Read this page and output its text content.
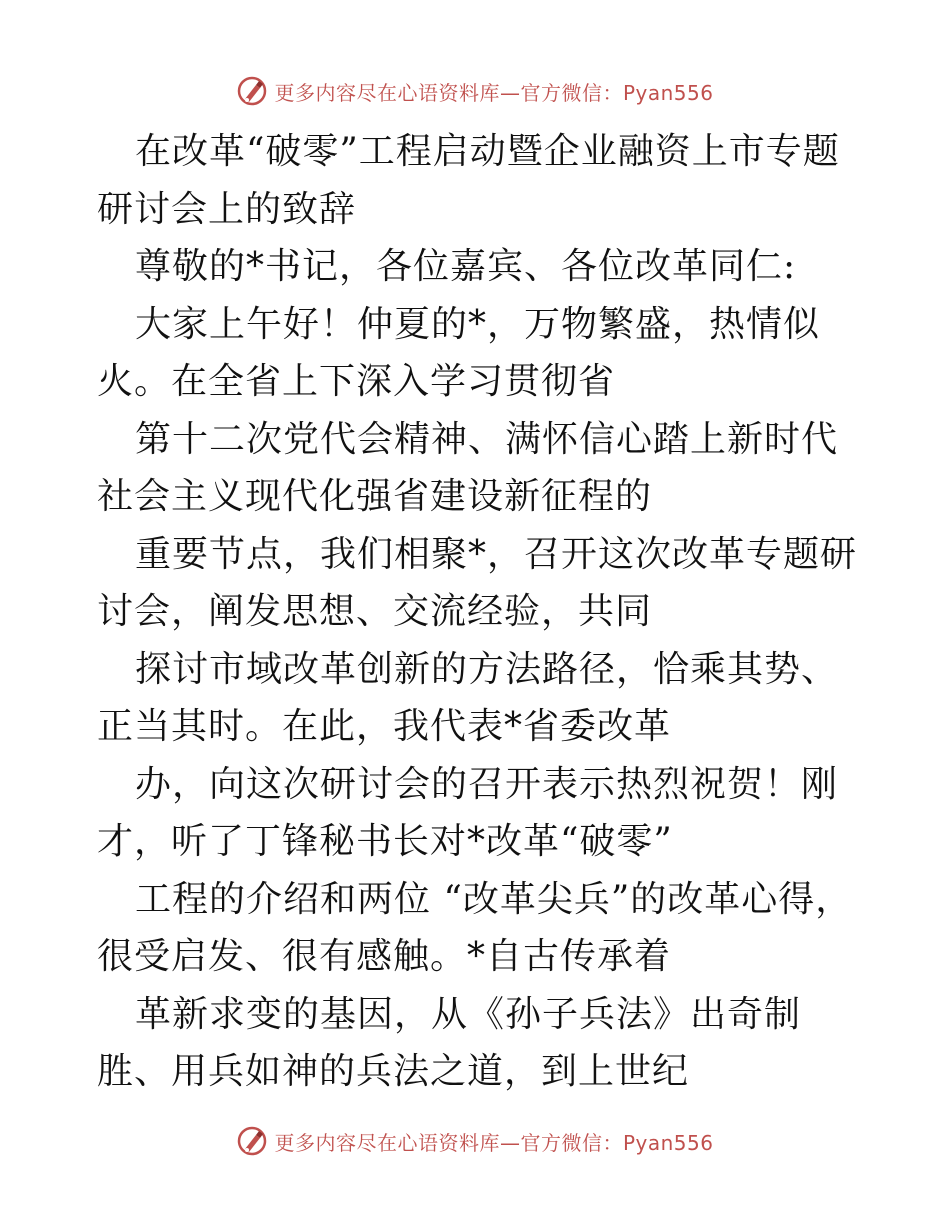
更多内容尽在心语资料库—官方微信：Pyan556

在改革“破零”工程启动暨企业融资上市专题研讨会上的致辞

尊敬的*书记，各位嘉宾、各位改革同仁:

大家上午好！仲夏的*，万物繁盛，热情似火。在全省上下深入学习贯彻省

第十二次党代会精神、满怀信心踏上新时代社会主义现代化强省建设新征程的

重要节点，我们相聚*，召开这次改革专题研讨会，阐发思想、交流经验，共同

探讨市域改革创新的方法路径，恰乘其势、正当其时。在此，我代表*省委改革

办，向这次研讨会的召开表示热烈祝贺！刚才，听了丁锋秘书长对*改革“破零”

工程的介绍和两位 “改革尖兵”的改革心得，很受启发、很有感触。*自古传承着

革新求变的基因，从《孙子兵法》出奇制胜、用兵如神的兵法之道，到上世纪

更多内容尽在心语资料库—官方微信：Pyan556
